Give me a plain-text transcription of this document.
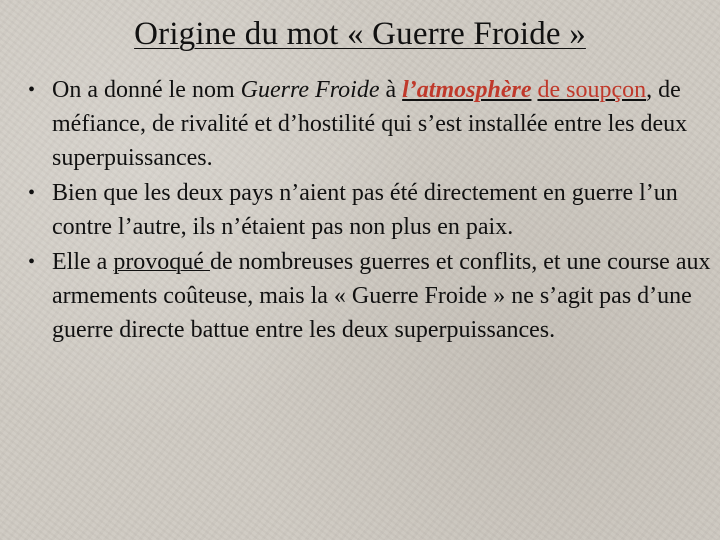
Origine du mot « Guerre Froide »
• On a donné le nom Guerre Froide à l’atmosphère de soupçon, de méfiance, de rivalité et d’hostilité qui s’est installée entre les deux superpuissances.
• Bien que les deux pays n’aient pas été directement en guerre l’un contre l’autre, ils n’étaient pas non plus en paix.
• Elle a provoqué de nombreuses guerres et conflits, et une course aux armements coûteuse, mais la « Guerre Froide » ne s’agit pas d’une guerre directe battue entre les deux superpuissances.
